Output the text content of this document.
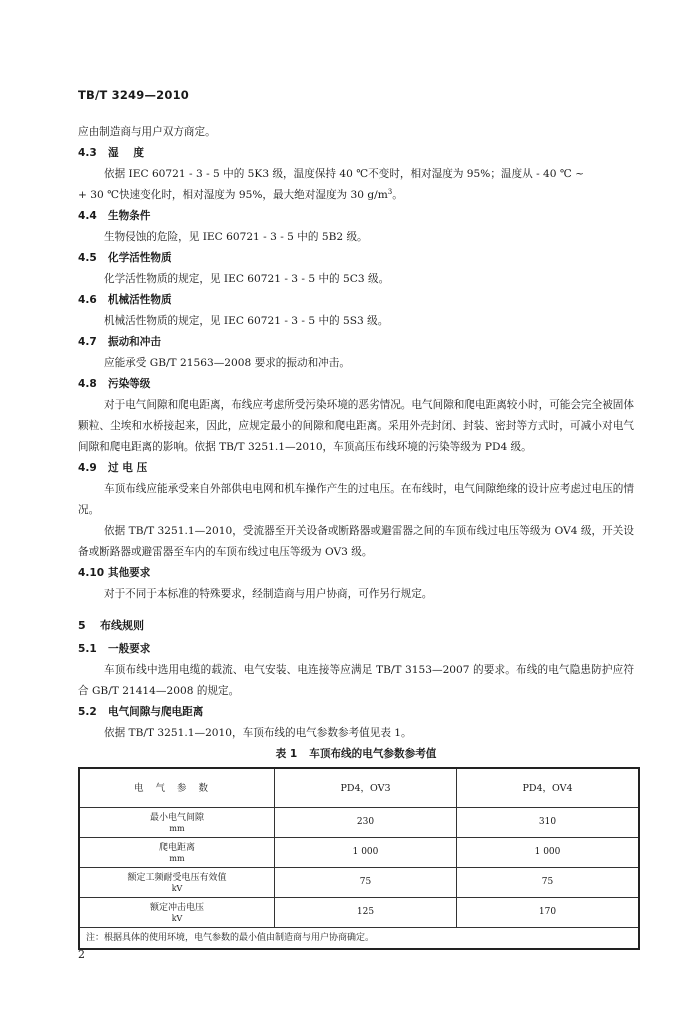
TB/T 3249—2010
应由制造商与用户双方商定。
4.3 湿    度
依据 IEC 60721 - 3 - 5 中的 5K3 级，温度保持 40 ℃不变时，相对湿度为 95%；温度从 - 40 ℃ ~
+ 30 ℃快速变化时，相对湿度为 95%，最大绝对湿度为 30 $g/m^3$。
4.4 生物条件
生物侵蚀的危险，见 IEC 60721 - 3 - 5 中的 5B2 级。
4.5 化学活性物质
化学活性物质的规定，见 IEC 60721 - 3 - 5 中的 5C3 级。
4.6 机械活性物质
机械活性物质的规定，见 IEC 60721 - 3 - 5 中的 5S3 级。
4.7 振动和冲击
应能承受 GB/T 21563—2008 要求的振动和冲击。
4.8 污染等级
对于电气间隙和爬电距离，布线应考虑所受污染环境的恶劣情况。电气间隙和爬电距离较小时，可能会完全被固体颗粒、尘埃和水桥接起来，因此，应规定最小的间隙和爬电距离。采用外壳封闭、封装、密封等方式时，可减小对电气间隙和爬电距离的影响。依据 TB/T 3251.1—2010，车顶高压布线环境的污染等级为 PD4 级。
4.9 过 电 压
车顶布线应能承受来自外部供电电网和机车操作产生的过电压。在布线时，电气间隙绝缘的设计应考虑过电压的情况。
依据 TB/T 3251.1—2010，受流器至开关设备或断路器或避雷器之间的车顶布线过电压等级为 OV4 级，开关设备或断路器或避雷器至车内的车顶布线过电压等级为 OV3 级。
4.10 其他要求
对于不同于本标准的特殊要求，经制造商与用户协商，可作另行规定。
5 布线规则
5.1 一般要求
车顶布线中选用电缆的载流、电气安装、电连接等应满足 TB/T 3153—2007 的要求。布线的电气隐患防护应符合 GB/T 21414—2008 的规定。
5.2 电气间隙与爬电距离
依据 TB/T 3251.1—2010，车顶布线的电气参数参考值见表 1。
表 1 车顶布线的电气参数参考值
电气参数	PD4，OV3	PD4，OV4
最小电气间隙
mm	230	310
爬电距离
mm	1 000	1 000
额定工频耐受电压有效值
kV	75	75
额定冲击电压
kV	125	170
注：根据具体的使用环境，电气参数的最小值由制造商与用户协商确定。		
2
